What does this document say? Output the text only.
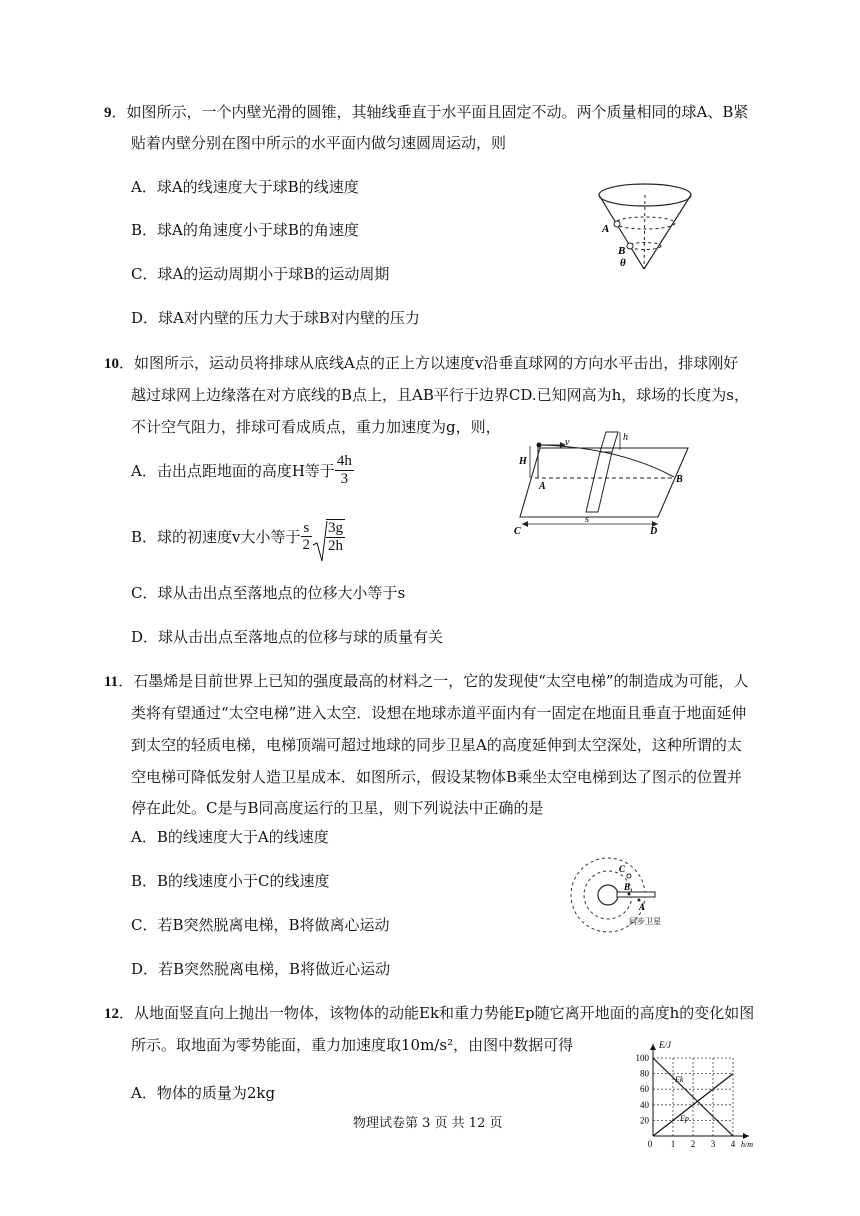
9．如图所示，一个内壁光滑的圆锥，其轴线垂直于水平面且固定不动。两个质量相同的球A、B紧
贴着内壁分别在图中所示的水平面内做匀速圆周运动，则
A．球A的线速度大于球B的线速度
B．球A的角速度小于球B的角速度
C．球A的运动周期小于球B的运动周期
D．球A对内壁的压力大于球B对内壁的压力
A
B
θ
10．如图所示，运动员将排球从底线A点的正上方以速度v沿垂直球网的方向水平击出，排球刚好
越过球网上边缘落在对方底线的B点上，且AB平行于边界CD.已知网高为h，球场的长度为s，
不计空气阻力，排球可看成质点，重力加速度为g，则，
A．击出点距地面的高度H等于 $\frac{4h}{3}$
B．球的初速度v大小等于 $\frac{s}{2} \frac{3g}{2h}$
C．球从击出点至落地点的位移大小等于s
D．球从击出点至落地点的位移与球的质量有关
v	h
H
A
B
C	D
s
11．石墨烯是目前世界上已知的强度最高的材料之一，它的发现使“太空电梯”的制造成为可能，人
类将有望通过“太空电梯”进入太空．设想在地球赤道平面内有一固定在地面且垂直于地面延伸
到太空的轻质电梯，电梯顶端可超过地球的同步卫星A的高度延伸到太空深处，这种所谓的太
空电梯可降低发射人造卫星成本．如图所示，假设某物体B乘坐太空电梯到达了图示的位置并
停在此处。C是与B同高度运行的卫星，则下列说法中正确的是
A．B的线速度大于A的线速度
B．B的线速度小于C的线速度
C．若B突然脱离电梯，B将做离心运动
D．若B突然脱离电梯，B将做近心运动
C
B
A
同步卫星
12．从地面竖直向上抛出一物体，该物体的动能Ek和重力势能Ep随它离开地面的高度h的变化如图
所示。取地面为零势能面，重力加速度取10m/s²，由图中数据可得
A．物体的质量为2kg
20
40
60
80
100
0 1 2 3 4
E/J
h/m
Ek
Ep
物理试卷第 3 页 共 12 页
